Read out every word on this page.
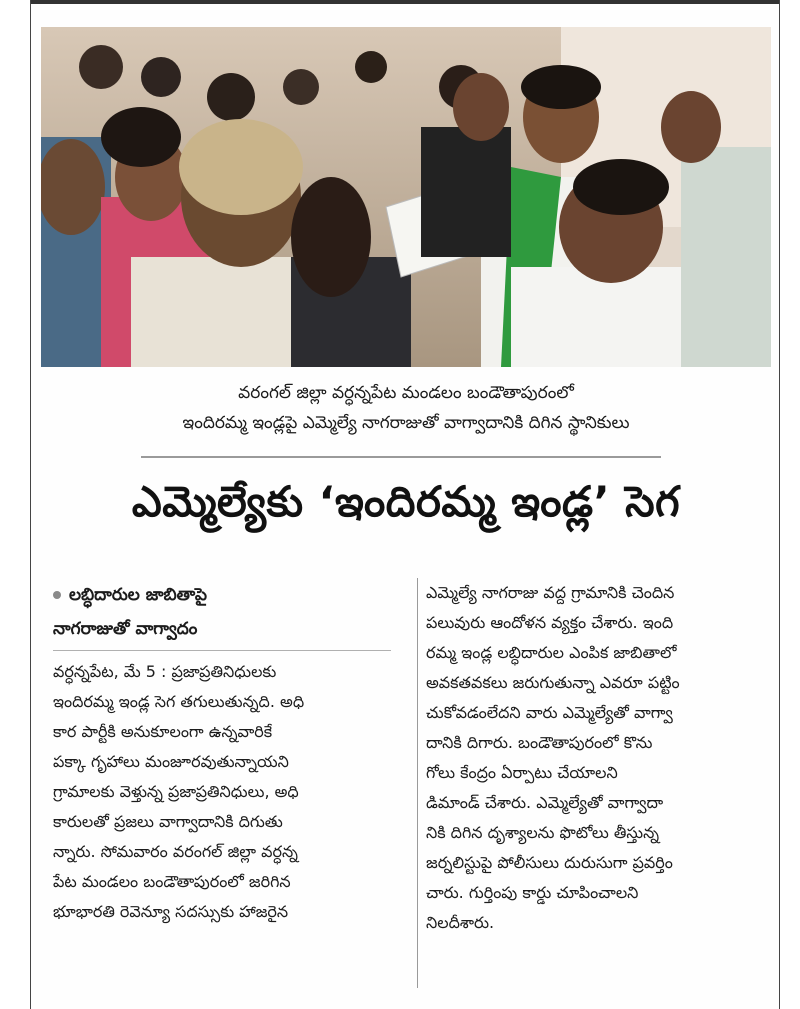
వరంగల్ జిల్లా వర్ధన్నపేట మండలం బండౌతాపురంలో
ఇందిరమ్మ ఇండ్లపై ఎమ్మెల్యే నాగరాజుతో వాగ్వాదానికి దిగిన స్థానికులు
ఎమ్మెల్యేకు ‘ఇందిరమ్మ ఇండ్ల’ సెగ
లబ్ధిదారుల జాబితాపై
నాగరాజుతో వాగ్వాదం
వర్ధన్నపేట, మే 5 : ప్రజాప్రతినిధులకు
ఇందిరమ్మ ఇండ్ల సెగ తగులుతున్నది. అధి
కార పార్టీకి అనుకూలంగా ఉన్నవారికే
పక్కా గృహాలు మంజూరవుతున్నాయని
గ్రామాలకు వెళ్తున్న ప్రజాప్రతినిధులు, అధి
కారులతో ప్రజలు వాగ్వాదానికి దిగుతు
న్నారు. సోమవారం వరంగల్ జిల్లా వర్ధన్న
పేట మండలం బండౌతాపురంలో జరిగిన
భూభారతి రెవెన్యూ సదస్సుకు హాజరైన
ఎమ్మెల్యే నాగరాజు వద్ద గ్రామానికి చెందిన
పలువురు ఆందోళన వ్యక్తం చేశారు. ఇంది
రమ్మ ఇండ్ల లబ్ధిదారుల ఎంపిక జాబితాలో
అవకతవకలు జరుగుతున్నా ఎవరూ పట్టిం
చుకోవడంలేదని వారు ఎమ్మెల్యేతో వాగ్వా
దానికి దిగారు. బండౌతాపురంలో కొను
గోలు కేంద్రం ఏర్పాటు చేయాలని
డిమాండ్ చేశారు. ఎమ్మెల్యేతో వాగ్వాదా
నికి దిగిన దృశ్యాలను ఫొటోలు తీస్తున్న
జర్నలిస్టుపై పోలీసులు దురుసుగా ప్రవర్తిం
చారు. గుర్తింపు కార్డు చూపించాలని
నిలదీశారు.
